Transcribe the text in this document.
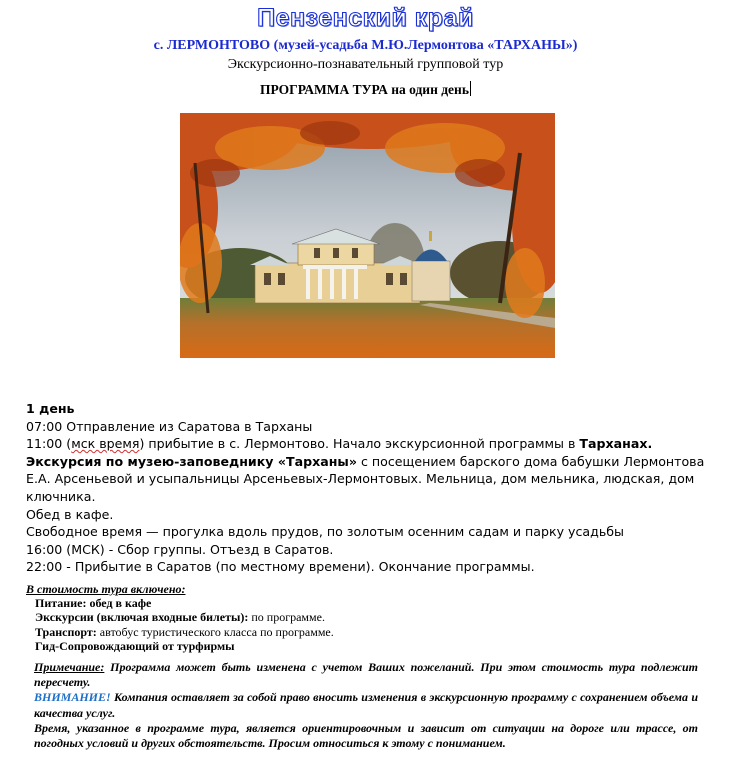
Пензенский край
с. ЛЕРМОНТОВО (музей-усадьба М.Ю.Лермонтова «ТАРХАНЫ»)
Экскурсионно-познавательный групповой тур
ПРОГРАММА ТУРА на один день

1 день

07:00 Отправление из Саратова в Тарханы

11:00 (мск время) прибытие в с. Лермонтово. Начало экскурсионной программы в Тарханах.

Экскурсия по музею-заповеднику «Тарханы» с посещением барского дома бабушки Лермонтова Е.А. Арсеньевой и усыпальницы Арсеньевых-Лермонтовых. Мельница, дом мельника, людская, дом ключника.

Обед в кафе.

Свободное время — прогулка вдоль прудов, по золотым осенним садам и парку усадьбы

16:00 (МСК) - Сбор группы. Отъезд в Саратов.

22:00 - Прибытие в Саратов (по местному времени). Окончание программы.

В стоимость тура включено:

Питание: обед в кафе

Экскурсии (включая входные билеты): по программе.

Транспорт: автобус туристического класса по программе.

Гид-Сопровождающий от турфирмы

Примечание: Программа может быть изменена с учетом Ваших пожеланий. При этом стоимость тура подлежит пересчету.

ВНИМАНИЕ! Компания оставляет за собой право вносить изменения в экскурсионную программу с сохранением объема и качества услуг.

Время, указанное в программе тура, является ориентировочным и зависит от ситуации на дороге или трассе, от погодных условий и других обстоятельств. Просим относиться к этому с пониманием.
